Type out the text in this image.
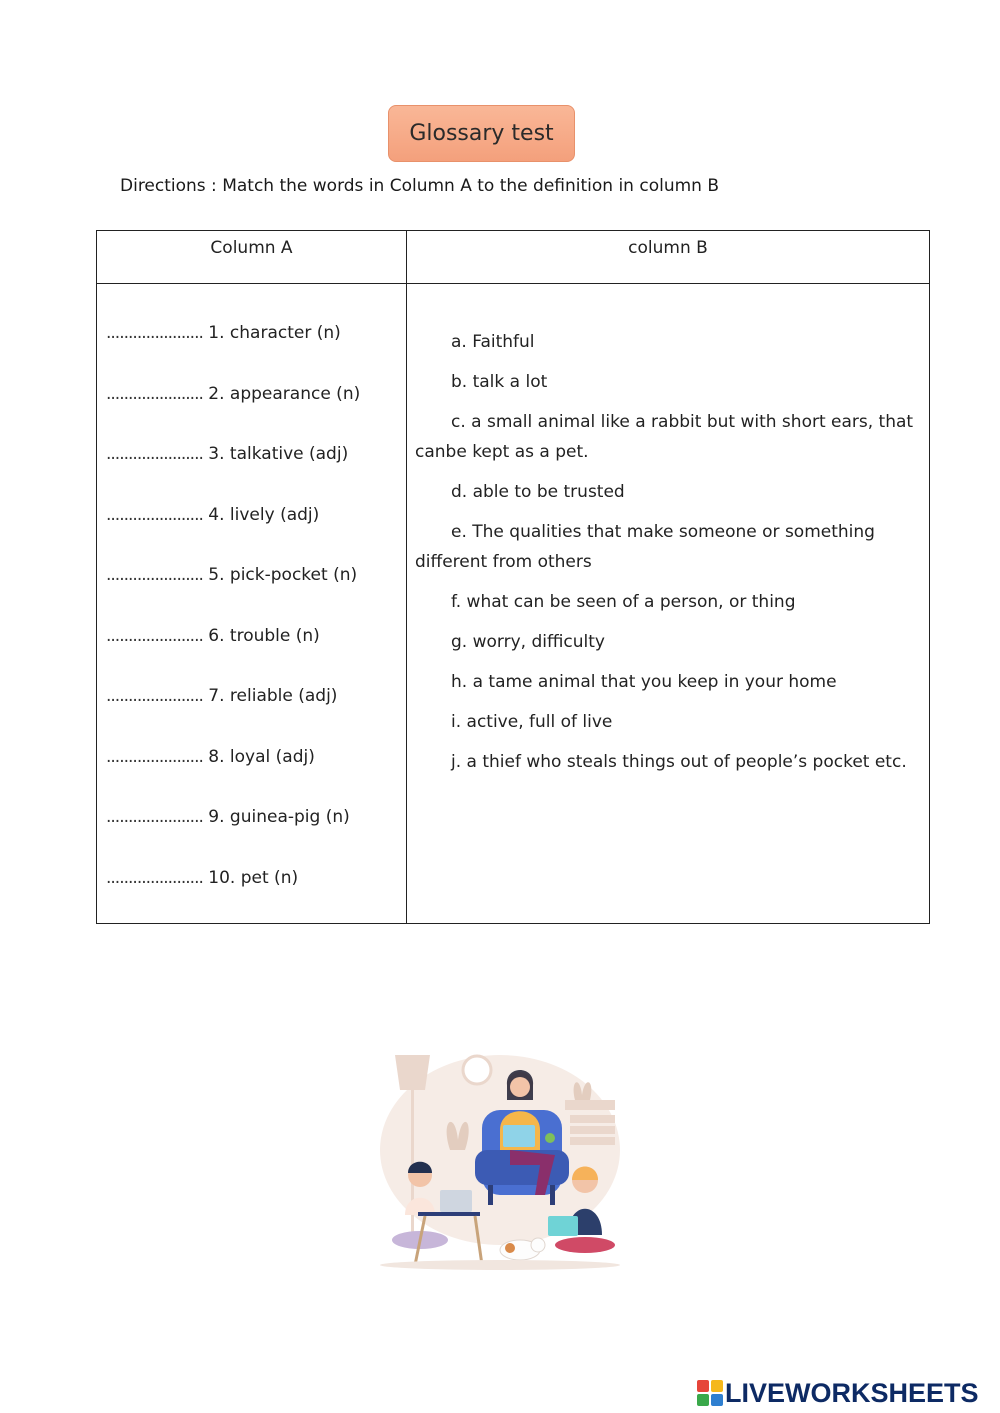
Glossary test
Directions : Match the words in Column A to the definition in column B
Column A	column B
...................... 1. character (n)
...................... 2. appearance (n)
...................... 3. talkative (adj)
...................... 4. lively (adj)
...................... 5. pick-pocket (n)
...................... 6. trouble (n)
...................... 7. reliable (adj)
...................... 8. loyal (adj)
...................... 9. guinea-pig (n)
...................... 10. pet (n)
a. Faithful
b. talk a lot
c. a small animal like a rabbit but with short ears, that canbe kept as a pet.
d. able to be trusted
e. The qualities that make someone or something different from others
f. what can be seen of a person, or thing
g. worry, difficulty
h. a tame animal that you keep in your home
i. active, full of live
j. a thief who steals things out of people’s pocket etc.
LIVEWORKSHEETS
